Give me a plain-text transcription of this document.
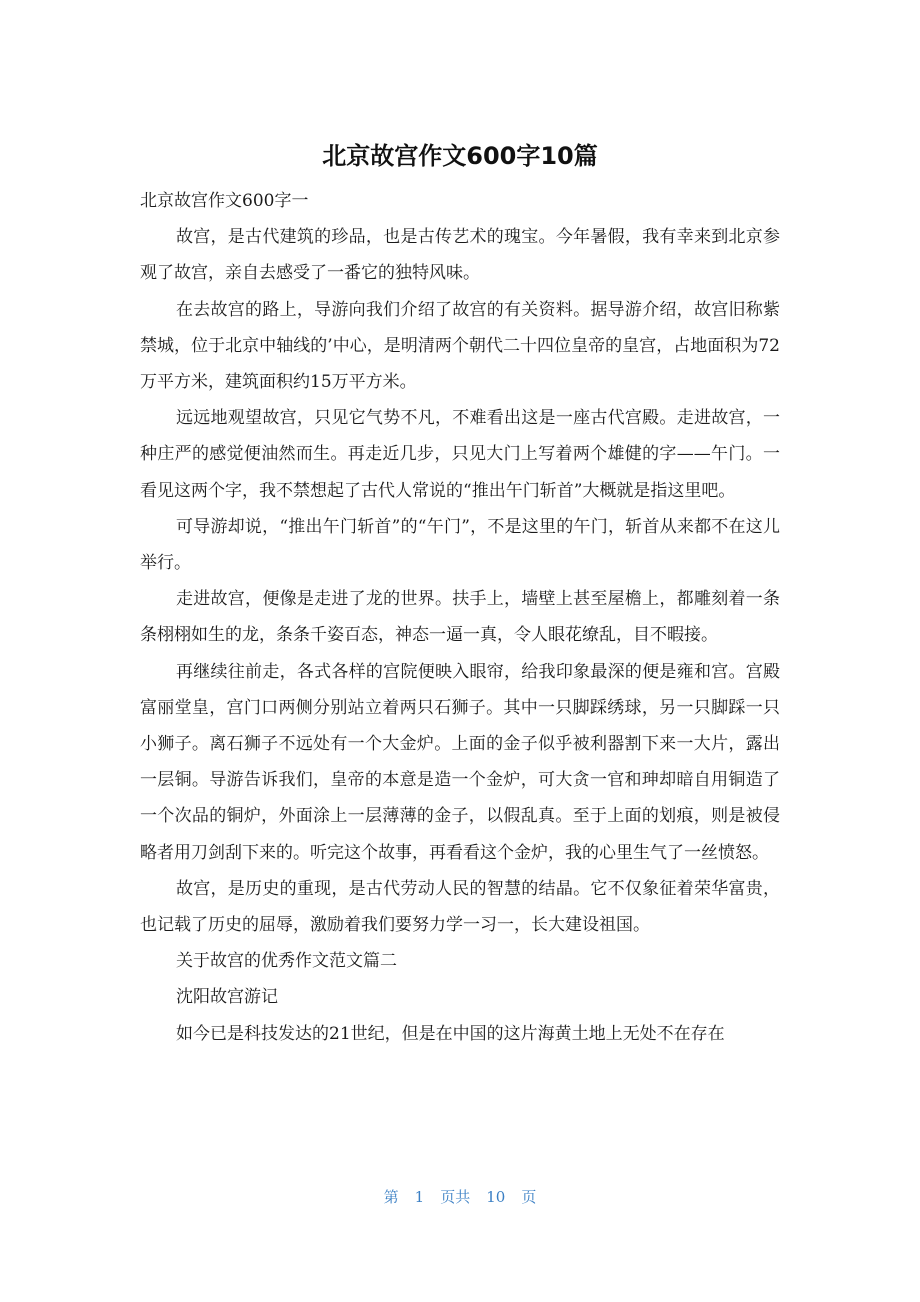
北京故宫作文600字10篇

北京故宫作文600字一

故宫，是古代建筑的珍品，也是古传艺术的瑰宝。今年暑假，我有幸来到北京参观了故宫，亲自去感受了一番它的独特风味。

在去故宫的路上，导游向我们介绍了故宫的有关资料。据导游介绍，故宫旧称紫禁城，位于北京中轴线的’中心，是明清两个朝代二十四位皇帝的皇宫，占地面积为72万平方米，建筑面积约15万平方米。

远远地观望故宫，只见它气势不凡，不难看出这是一座古代宫殿。走进故宫，一种庄严的感觉便油然而生。再走近几步，只见大门上写着两个雄健的字——午门。一看见这两个字，我不禁想起了古代人常说的“推出午门斩首”大概就是指这里吧。

可导游却说，“推出午门斩首”的“午门”，不是这里的午门，斩首从来都不在这儿举行。

走进故宫，便像是走进了龙的世界。扶手上，墙壁上甚至屋檐上，都雕刻着一条条栩栩如生的龙，条条千姿百态，神态一逼一真，令人眼花缭乱，目不暇接。

再继续往前走，各式各样的宫院便映入眼帘，给我印象最深的便是雍和宫。宫殿富丽堂皇，宫门口两侧分别站立着两只石狮子。其中一只脚踩绣球，另一只脚踩一只小狮子。离石狮子不远处有一个大金炉。上面的金子似乎被利器割下来一大片，露出一层铜。导游告诉我们，皇帝的本意是造一个金炉，可大贪一官和珅却暗自用铜造了一个次品的铜炉，外面涂上一层薄薄的金子，以假乱真。至于上面的划痕，则是被侵略者用刀剑刮下来的。听完这个故事，再看看这个金炉，我的心里生气了一丝愤怒。

故宫，是历史的重现，是古代劳动人民的智慧的结晶。它不仅象征着荣华富贵，也记载了历史的屈辱，激励着我们要努力学一习一，长大建设祖国。

关于故宫的优秀作文范文篇二

沈阳故宫游记

如今已是科技发达的21世纪，但是在中国的这片海黄土地上无处不在存在

第 1 页共 10 页
